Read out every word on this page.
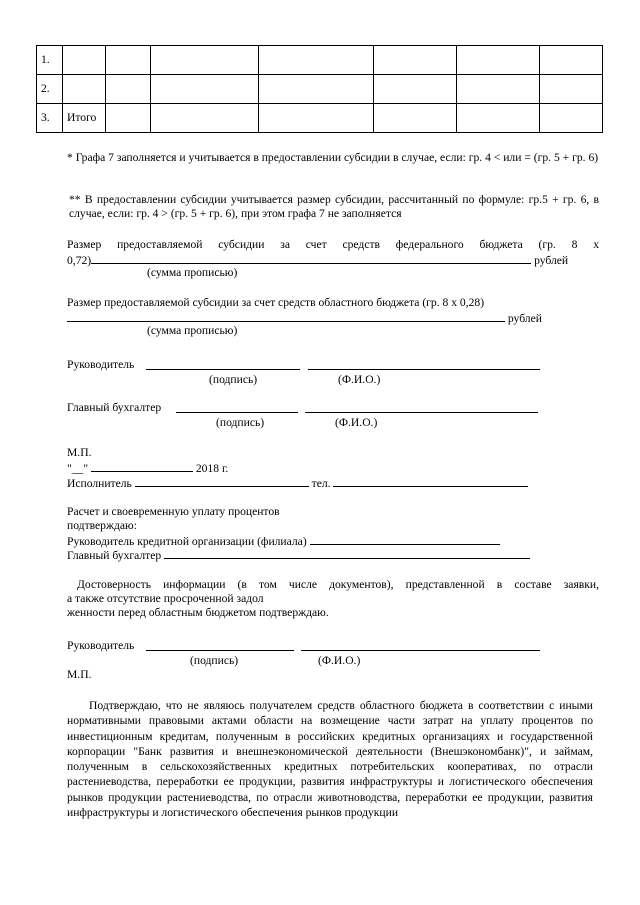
1.							
2.							
3.	Итого						
* Графа 7 заполняется и учитывается в предоставлении субсидии в случае, если: гр. 4 < или = (гр. 5 + гр. 6)
** В предоставлении субсидии учитывается размер субсидии, рассчитанный по формуле: гр.5 + гр. 6, в случае, если: гр. 4 > (гр. 5 + гр. 6), при этом графа 7 не заполняется
Размер предоставляемой субсидии за счет средств федерального бюджета (гр. 8 х
0,72)	рублей
(сумма прописью)
Размер предоставляемой субсидии за счет средств областного бюджета (гр. 8 х 0,28)
рублей
(сумма прописью)
Руководитель
(подпись)	(Ф.И.О.)
Главный бухгалтер
(подпись)	(Ф.И.О.)
М.П.
"__"	2018 г.
Исполнитель	тел.
Расчет и своевременную уплату процентов
подтверждаю:
Руководитель кредитной организации (филиала)
Главный бухгалтер
Достоверность информации (в том числе документов), представленной в составе заявки,
а также отсутствие просроченной задол
женности перед областным бюджетом подтверждаю.
Руководитель
(подпись)	(Ф.И.О.)
М.П.
Подтверждаю, что не являюсь получателем средств областного бюджета в соответствии с иными нормативными правовыми актами области на возмещение части затрат на уплату процентов по инвестиционным кредитам, полученным в российских кредитных организациях и государственной корпорации "Банк развития и внешнеэкономической деятельности (Внешэкономбанк)", и займам, полученным в сельскохозяйственных кредитных потребительских кооперативах, по отрасли растениеводства, переработки ее продукции, развития инфраструктуры и логистического обеспечения рынков продукции растениеводства, по отрасли животноводства, переработки ее продукции, развития инфраструктуры и логистического обеспечения рынков продукции
